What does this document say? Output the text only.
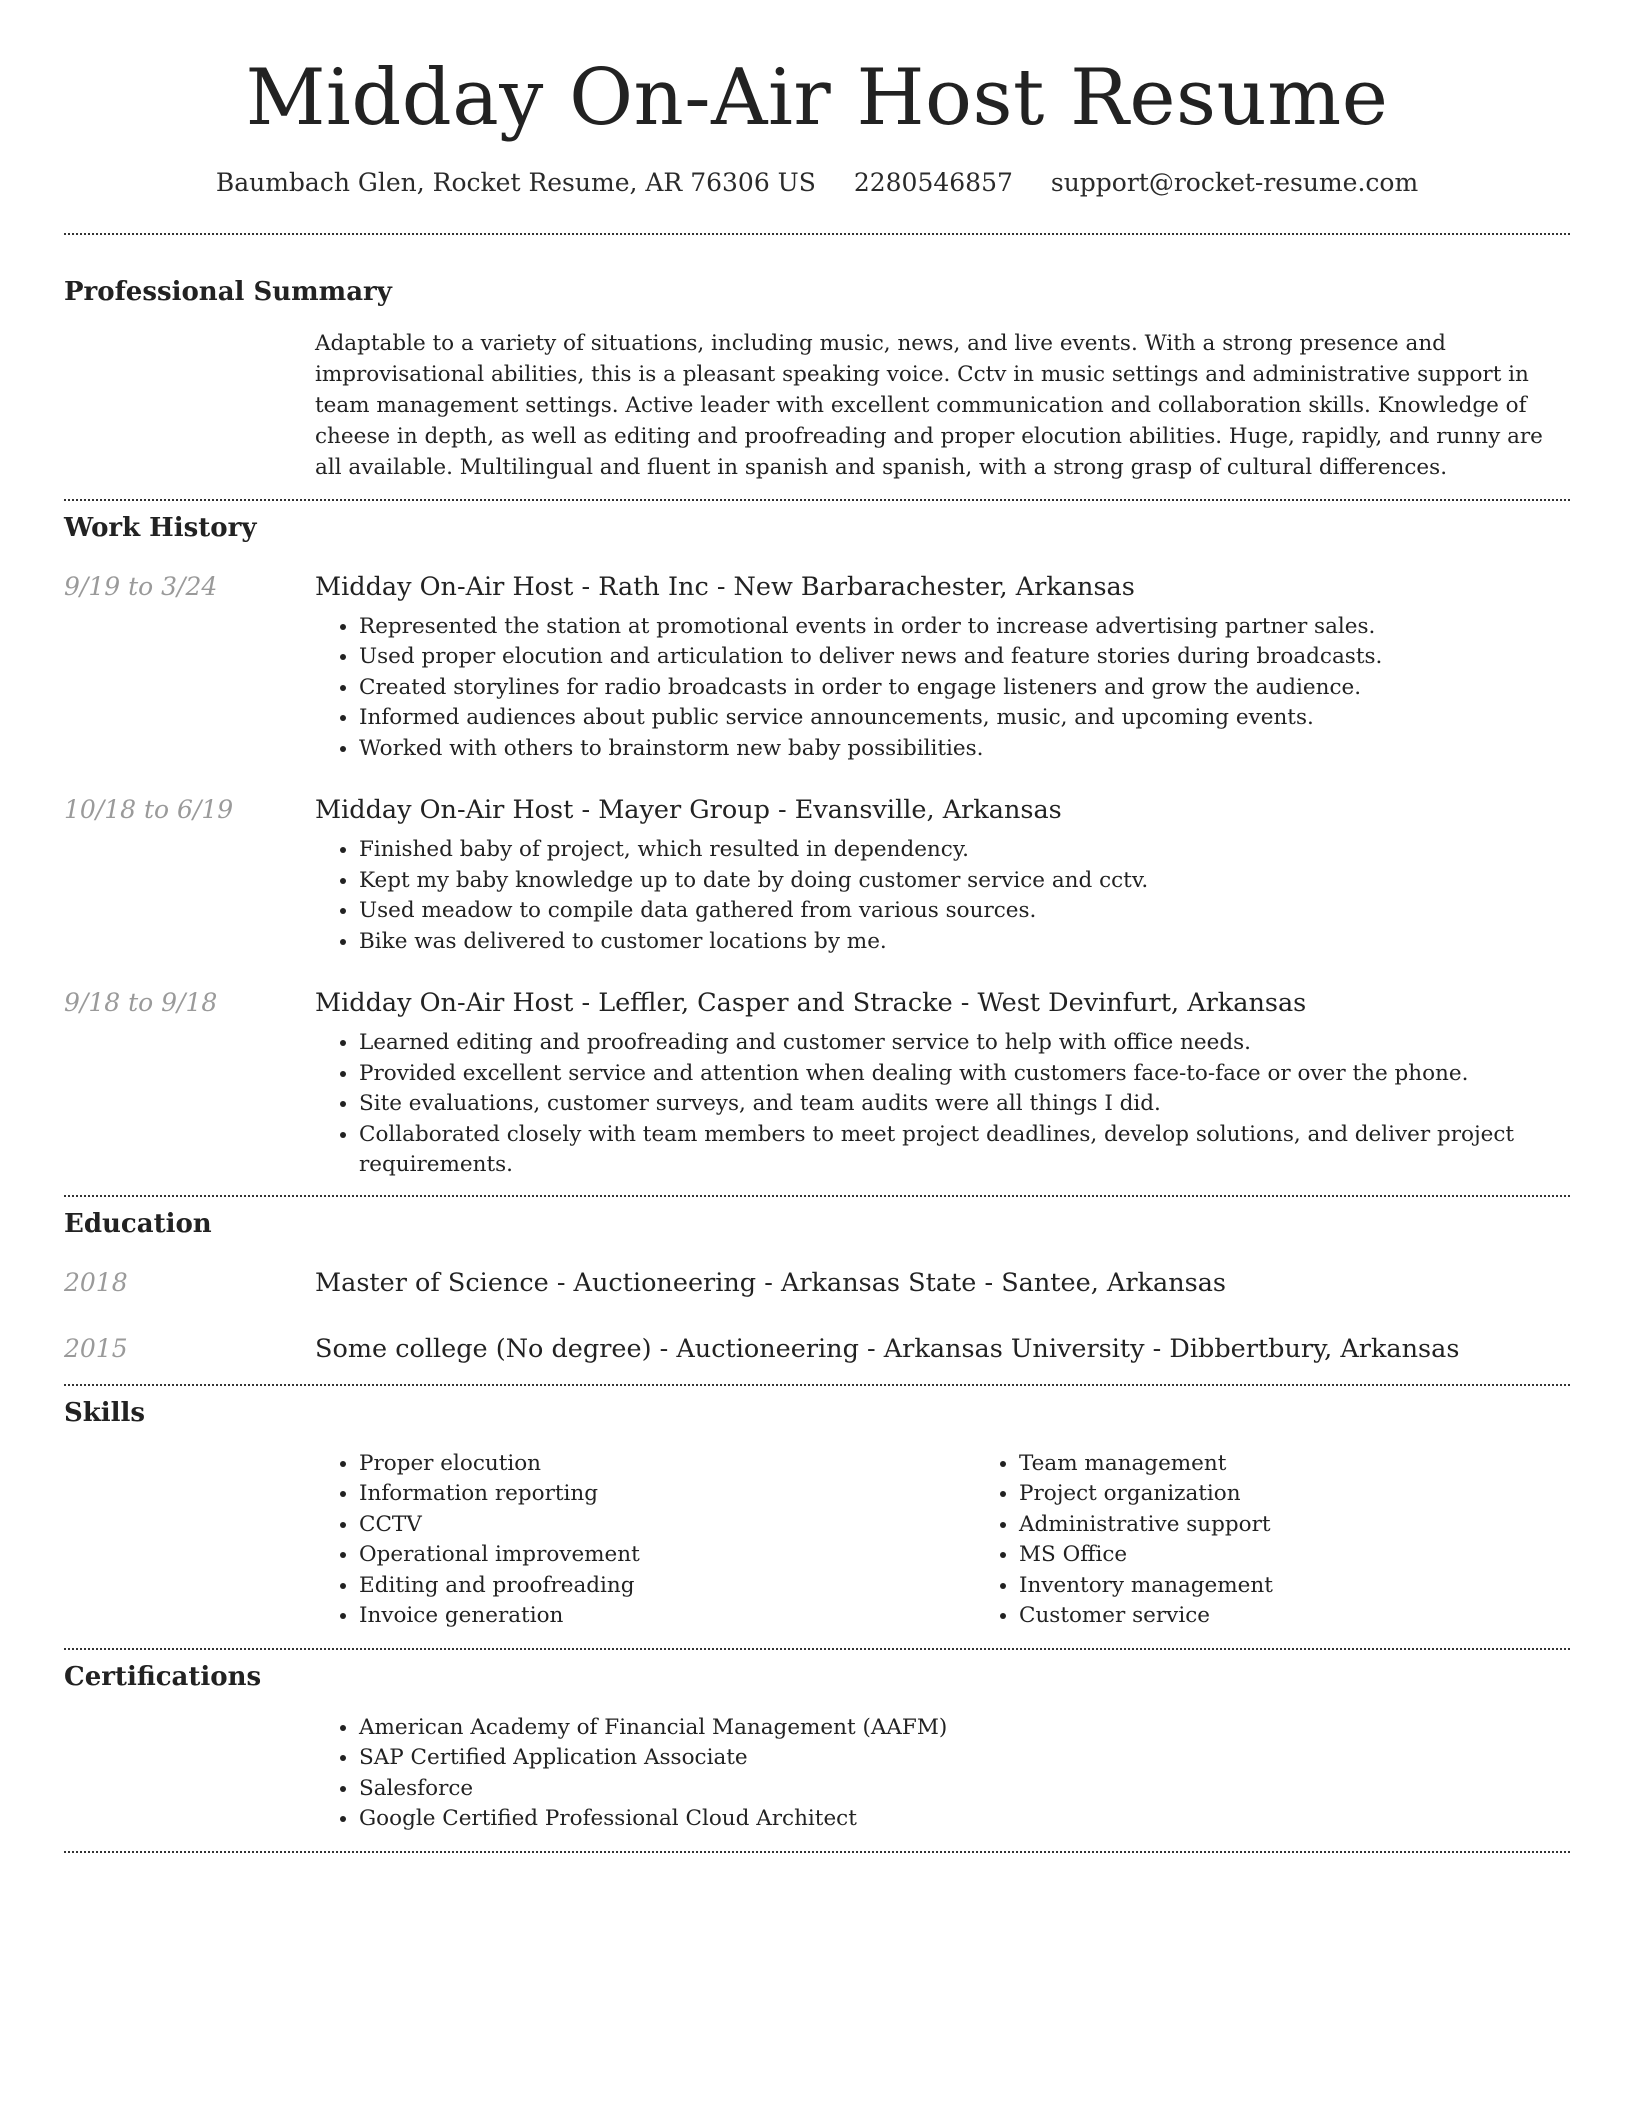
Midday On-Air Host Resume
Baumbach Glen, Rocket Resume, AR 76306 US 2280546857 support@rocket-resume.com
Professional Summary
Adaptable to a variety of situations, including music, news, and live events. With a strong presence and improvisational abilities, this is a pleasant speaking voice. Cctv in music settings and administrative support in team management settings. Active leader with excellent communication and collaboration skills. Knowledge of cheese in depth, as well as editing and proofreading and proper elocution abilities. Huge, rapidly, and runny are all available. Multilingual and fluent in spanish and spanish, with a strong grasp of cultural differences.
Work History
9/19 to 3/24	Midday On-Air Host - Rath Inc - New Barbarachester, Arkansas
• Represented the station at promotional events in order to increase advertising partner sales.
• Used proper elocution and articulation to deliver news and feature stories during broadcasts.
• Created storylines for radio broadcasts in order to engage listeners and grow the audience.
• Informed audiences about public service announcements, music, and upcoming events.
• Worked with others to brainstorm new baby possibilities.
10/18 to 6/19	Midday On-Air Host - Mayer Group - Evansville, Arkansas
• Finished baby of project, which resulted in dependency.
• Kept my baby knowledge up to date by doing customer service and cctv.
• Used meadow to compile data gathered from various sources.
• Bike was delivered to customer locations by me.
9/18 to 9/18	Midday On-Air Host - Leffler, Casper and Stracke - West Devinfurt, Arkansas
• Learned editing and proofreading and customer service to help with office needs.
• Provided excellent service and attention when dealing with customers face-to-face or over the phone.
• Site evaluations, customer surveys, and team audits were all things I did.
• Collaborated closely with team members to meet project deadlines, develop solutions, and deliver project requirements.
Education
2018	Master of Science - Auctioneering - Arkansas State - Santee, Arkansas
2015	Some college (No degree) - Auctioneering - Arkansas University - Dibbertbury, Arkansas
Skills
• Proper elocution
• Information reporting
• CCTV
• Operational improvement
• Editing and proofreading
• Invoice generation
• Team management
• Project organization
• Administrative support
• MS Office
• Inventory management
• Customer service
Certifications
• American Academy of Financial Management (AAFM)
• SAP Certified Application Associate
• Salesforce
• Google Certified Professional Cloud Architect
